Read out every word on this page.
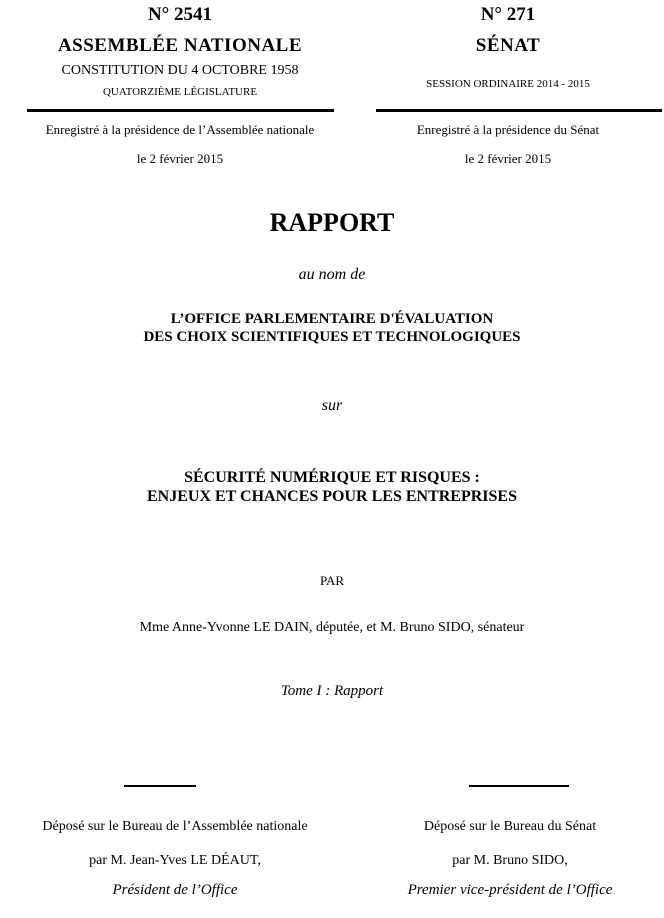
N° 2541
ASSEMBLÉE NATIONALE
CONSTITUTION DU 4 OCTOBRE 1958
QUATORZIÈME LÉGISLATURE
Enregistré à la présidence de l’Assemblée nationale
le 2 février 2015
N° 271
SÉNAT
SESSION ORDINAIRE 2014 - 2015
Enregistré à la présidence du Sénat
le 2 février 2015
RAPPORT
au nom de
L’OFFICE PARLEMENTAIRE D'ÉVALUATION
DES CHOIX SCIENTIFIQUES ET TECHNOLOGIQUES
sur
SÉCURITÉ NUMÉRIQUE ET RISQUES :
ENJEUX ET CHANCES POUR LES ENTREPRISES
PAR
Mme Anne-Yvonne LE DAIN, députée, et M. Bruno SIDO, sénateur
Tome I : Rapport
Déposé sur le Bureau de l’Assemblée nationale
par M. Jean-Yves LE DÉAUT,
Président de l’Office
Déposé sur le Bureau du Sénat
par M. Bruno SIDO,
Premier vice-président de l’Office
